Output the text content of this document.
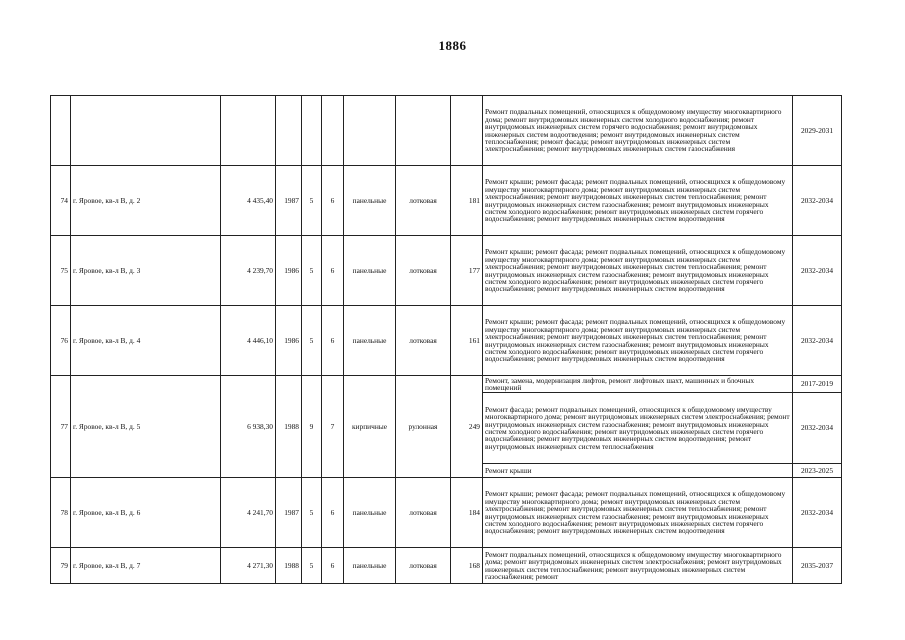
1886
									Ремонт подвальных помещений, относящихся к общедомовому имуществу многоквартирного дома; ремонт внутридомовых инженерных систем холодного водоснабжения; ремонт внутридомовых инженерных систем горячего водоснабжения; ремонт внутридомовых инженерных систем водоотведения; ремонт внутридомовых инженерных систем теплоснабжения; ремонт фасада; ремонт внутридомовых инженерных систем электроснабжения; ремонт внутридомовых инженерных систем газоснабжения	2029-2031
74	г. Яровое, кв-л В, д. 2	4 435,40	1987	5	6	панельные	лотковая	181	Ремонт крыши; ремонт фасада; ремонт подвальных помещений, относящихся к общедомовому имуществу многоквартирного дома; ремонт внутридомовых инженерных систем электроснабжения; ремонт внутридомовых инженерных систем теплоснабжения; ремонт внутридомовых инженерных систем газоснабжения; ремонт внутридомовых инженерных систем холодного водоснабжения; ремонт внутридомовых инженерных систем горячего водоснабжения; ремонт внутридомовых инженерных систем водоотведения	2032-2034
75	г. Яровое, кв-л В, д. 3	4 239,70	1986	5	6	панельные	лотковая	177	Ремонт крыши; ремонт фасада; ремонт подвальных помещений, относящихся к общедомовому имуществу многоквартирного дома; ремонт внутридомовых инженерных систем электроснабжения; ремонт внутридомовых инженерных систем теплоснабжения; ремонт внутридомовых инженерных систем газоснабжения; ремонт внутридомовых инженерных систем холодного водоснабжения; ремонт внутридомовых инженерных систем горячего водоснабжения; ремонт внутридомовых инженерных систем водоотведения	2032-2034
76	г. Яровое, кв-л В, д. 4	4 446,10	1986	5	6	панельные	лотковая	161	Ремонт крыши; ремонт фасада; ремонт подвальных помещений, относящихся к общедомовому имуществу многоквартирного дома; ремонт внутридомовых инженерных систем электроснабжения; ремонт внутридомовых инженерных систем теплоснабжения; ремонт внутридомовых инженерных систем газоснабжения; ремонт внутридомовых инженерных систем холодного водоснабжения; ремонт внутридомовых инженерных систем горячего водоснабжения; ремонт внутридомовых инженерных систем водоотведения	2032-2034
77	г. Яровое, кв-л В, д. 5	6 938,30	1988	9	7	кирпичные	рулонная	249	Ремонт, замена, модернизация лифтов, ремонт лифтовых шахт, машинных и блочных помещений	2017-2019
									Ремонт фасада; ремонт подвальных помещений, относящихся к общедомовому имуществу многоквартирного дома; ремонт внутридомовых инженерных систем электроснабжения; ремонт внутридомовых инженерных систем газоснабжения; ремонт внутридомовых инженерных систем холодного водоснабжения; ремонт внутридомовых инженерных систем горячего водоснабжения; ремонт внутридомовых инженерных систем водоотведения; ремонт внутридомовых инженерных систем теплоснабжения	2032-2034
									Ремонт крыши	2023-2025
78	г. Яровое, кв-л В, д. 6	4 241,70	1987	5	6	панельные	лотковая	184	Ремонт крыши; ремонт фасада; ремонт подвальных помещений, относящихся к общедомовому имуществу многоквартирного дома; ремонт внутридомовых инженерных систем электроснабжения; ремонт внутридомовых инженерных систем теплоснабжения; ремонт внутридомовых инженерных систем газоснабжения; ремонт внутридомовых инженерных систем холодного водоснабжения; ремонт внутридомовых инженерных систем горячего водоснабжения; ремонт внутридомовых инженерных систем водоотведения	2032-2034
79	г. Яровое, кв-л В, д. 7	4 271,30	1988	5	6	панельные	лотковая	168	Ремонт подвальных помещений, относящихся к общедомовому имуществу многоквартирного дома; ремонт внутридомовых инженерных систем электроснабжения; ремонт внутридомовых инженерных систем теплоснабжения; ремонт внутридомовых инженерных систем газоснабжения; ремонт	2035-2037
